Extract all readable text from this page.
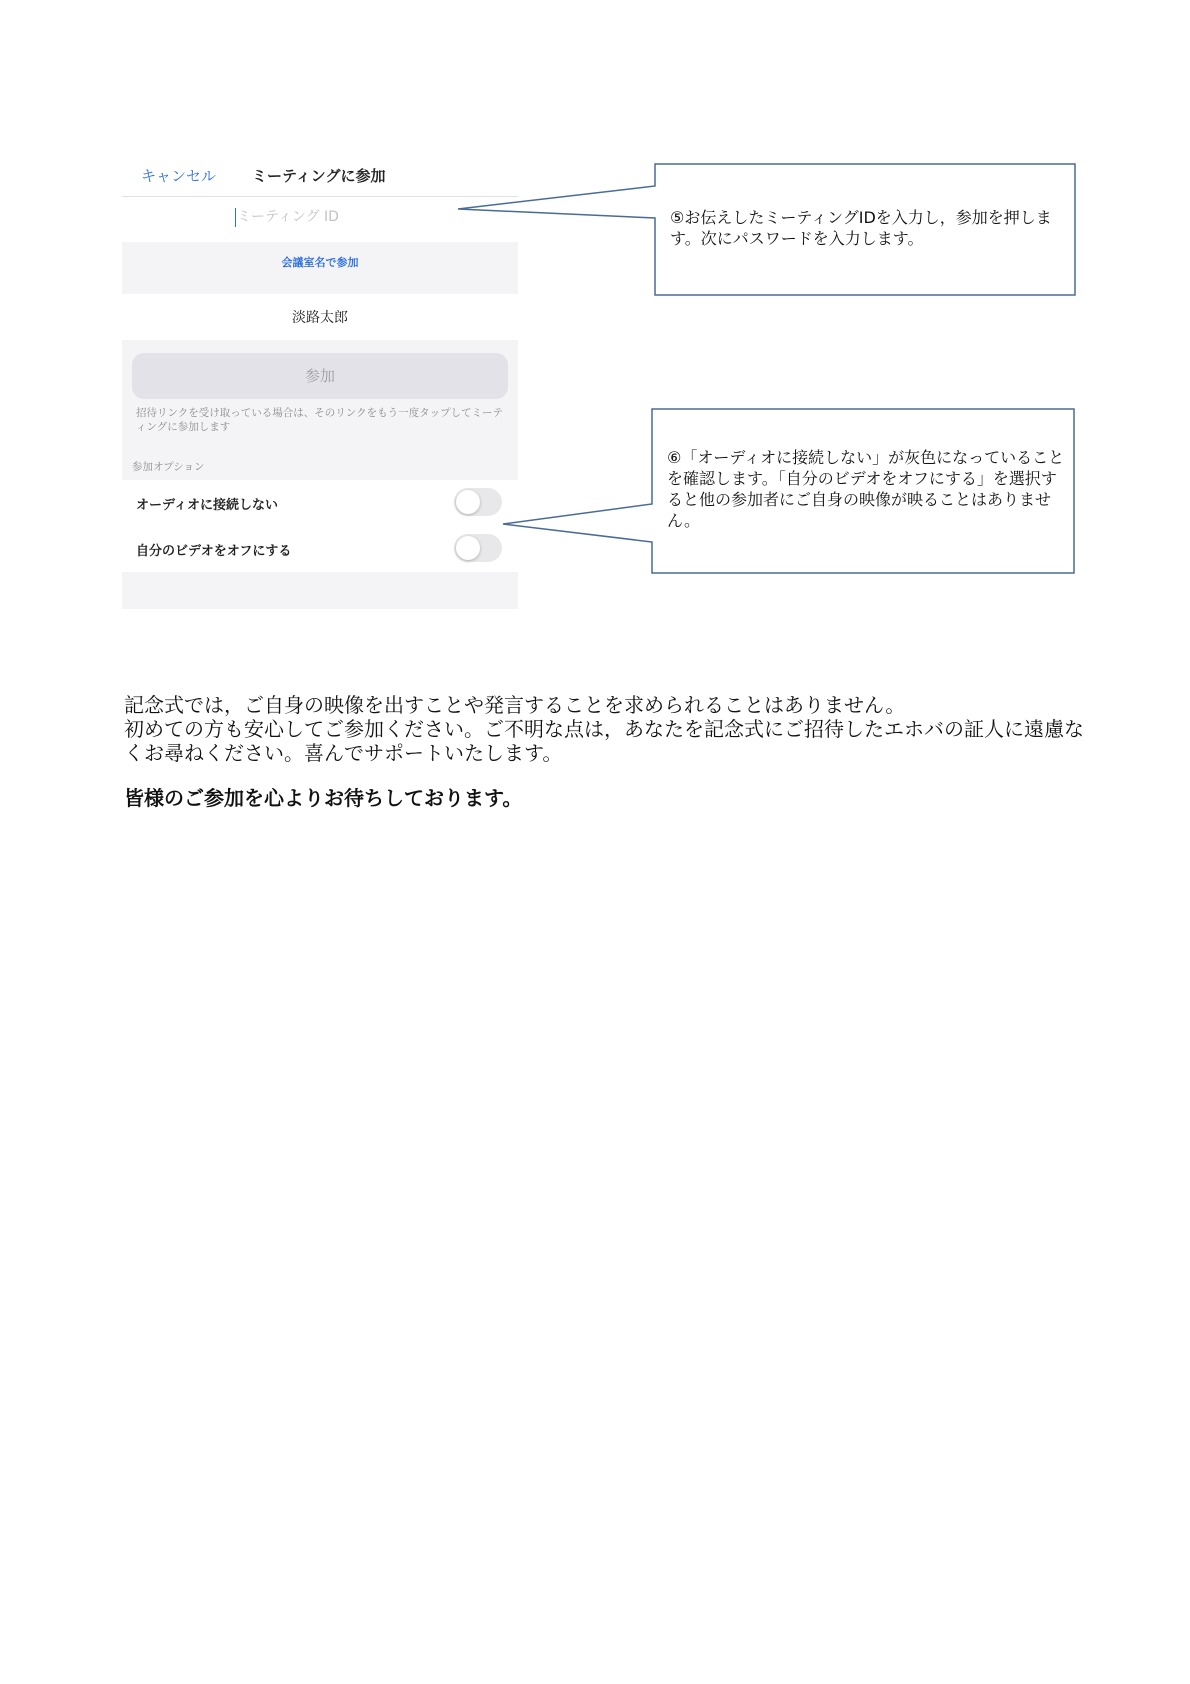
キャンセル ミーティングに参加
ミーティング ID
会議室名で参加
淡路太郎
参加
招待リンクを受け取っている場合は、そのリンクをもう一度タップしてミーティングに参加します
参加オプション
オーディオに接続しない
自分のビデオをオフにする
⑤お伝えしたミーティングIDを入力し，参加を押します。次にパスワードを入力します。
⑥「オーディオに接続しない」が灰色になっていることを確認します。「自分のビデオをオフにする」を選択すると他の参加者にご自身の映像が映ることはありません。
記念式では，ご自身の映像を出すことや発言することを求められることはありません。
初めての方も安心してご参加ください。ご不明な点は，あなたを記念式にご招待したエホバの証人に遠慮なくお尋ねください。喜んでサポートいたします。
皆様のご参加を心よりお待ちしております。
